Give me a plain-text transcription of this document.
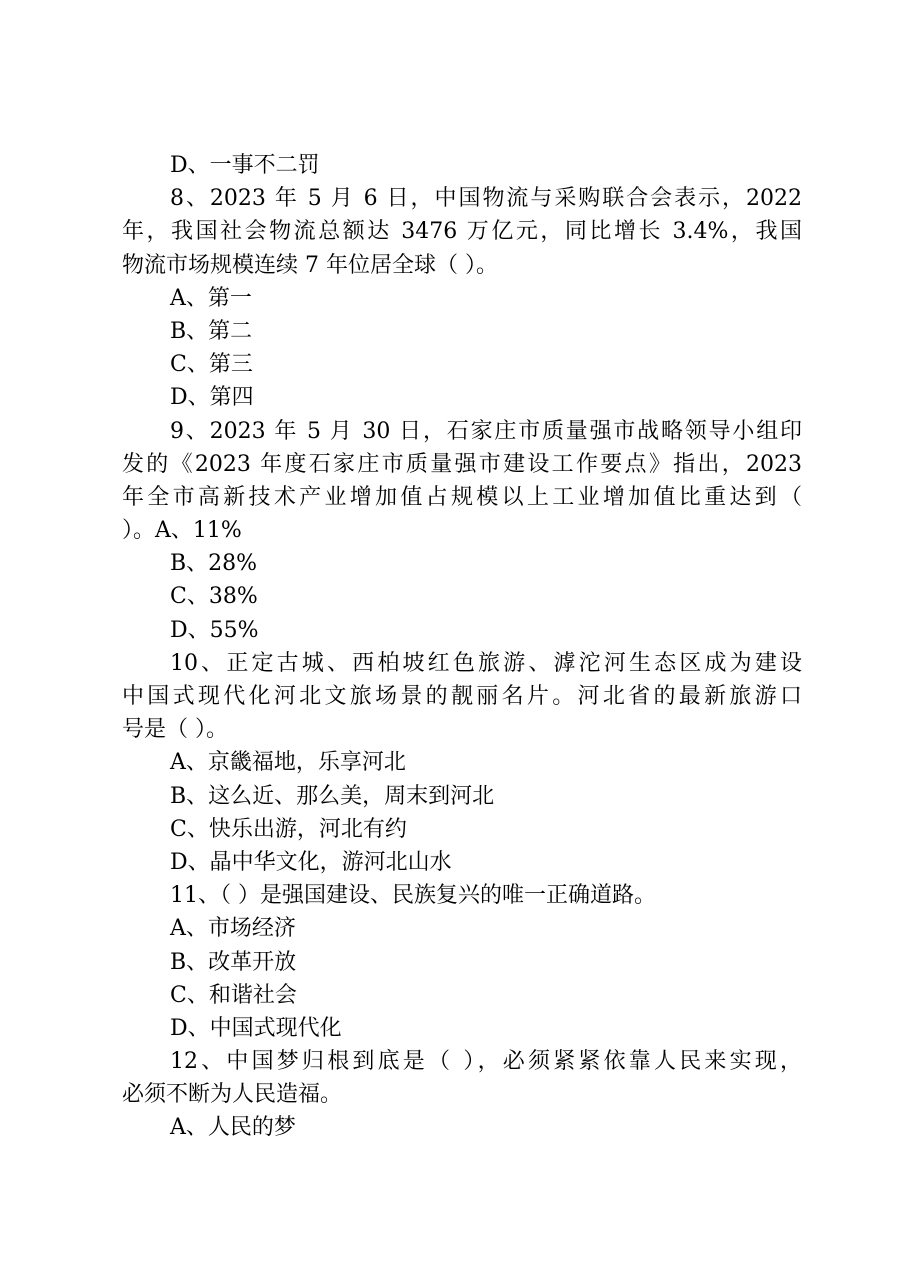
D、一事不二罚

8、2023 年 5 月 6 日，中国物流与采购联合会表示，2022

年，我国社会物流总额达 3476 万亿元，同比增长 3.4%，我国

物流市场规模连续 7 年位居全球（ ）。

A、第一

B、第二

C、第三

D、第四

9、2023 年 5 月 30 日，石家庄市质量强市战略领导小组印

发的《2023 年度石家庄市质量强市建设工作要点》指出，2023

年全市高新技术产业增加值占规模以上工业增加值比重达到（

）。A、11%

B、28%

C、38%

D、55%

10、正定古城、西柏坡红色旅游、滹沱河生态区成为建设

中国式现代化河北文旅场景的靓丽名片。河北省的最新旅游口

号是（ ）。

A、京畿福地，乐享河北

B、这么近、那么美，周末到河北

C、快乐出游，河北有约

D、晶中华文化，游河北山水

11、（ ）是强国建设、民族复兴的唯一正确道路。

A、市场经济

B、改革开放

C、和谐社会

D、中国式现代化

12、中国梦归根到底是（ ），必须紧紧依靠人民来实现，

必须不断为人民造福。

A、人民的梦
